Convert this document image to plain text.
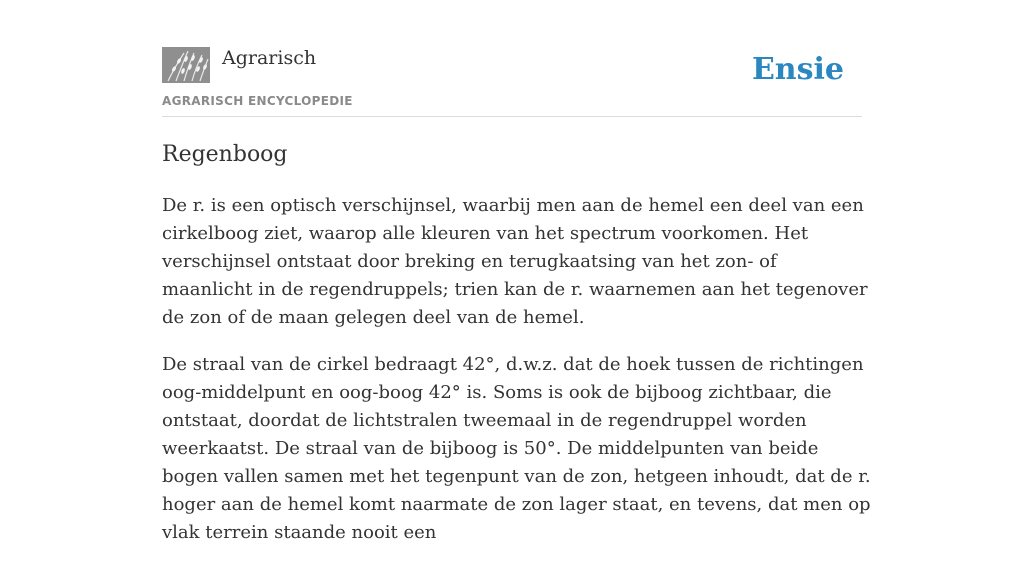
Agrarisch
AGRARISCH ENCYCLOPEDIE
Ensie
Regenboog

De r. is een optisch verschijnsel, waarbij men aan de hemel een deel van een cirkelboog ziet, waarop alle kleuren van het spectrum voorkomen. Het verschijnsel ontstaat door breking en terugkaatsing van het zon- of maanlicht in de regendruppels; trien kan de r. waarnemen aan het tegenover de zon of de maan gelegen deel van de hemel.

De straal van de cirkel bedraagt 42°, d.w.z. dat de hoek tussen de richtingen oog-middelpunt en oog-boog 42° is. Soms is ook de bijboog zichtbaar, die ontstaat, doordat de lichtstralen tweemaal in de regendruppel worden weerkaatst. De straal van de bijboog is 50°. De middelpunten van beide bogen vallen samen met het tegenpunt van de zon, hetgeen inhoudt, dat de r. hoger aan de hemel komt naarmate de zon lager staat, en tevens, dat men op vlak terrein staande nooit een
